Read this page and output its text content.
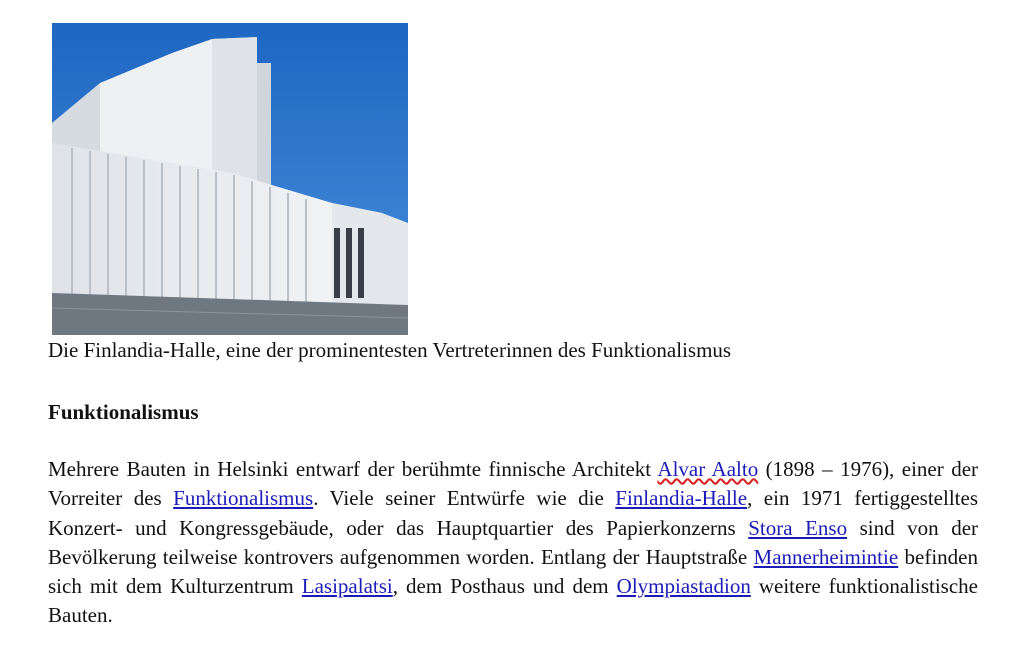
Die Finlandia-Halle, eine der prominentesten Vertreterinnen des Funktionalismus
Funktionalismus
Mehrere Bauten in Helsinki entwarf der berühmte finnische Architekt Alvar Aalto (1898 – 1976), einer der Vorreiter des Funktionalismus. Viele seiner Entwürfe wie die Finlandia-Halle, ein 1971 fertiggestelltes Konzert- und Kongressgebäude, oder das Hauptquartier des Papierkonzerns Stora Enso sind von der Bevölkerung teilweise kontrovers aufgenommen worden. Entlang der Hauptstraße Mannerheimintie befinden sich mit dem Kulturzentrum Lasipalatsi, dem Posthaus und dem Olympiastadion weitere funktionalistische Bauten.
